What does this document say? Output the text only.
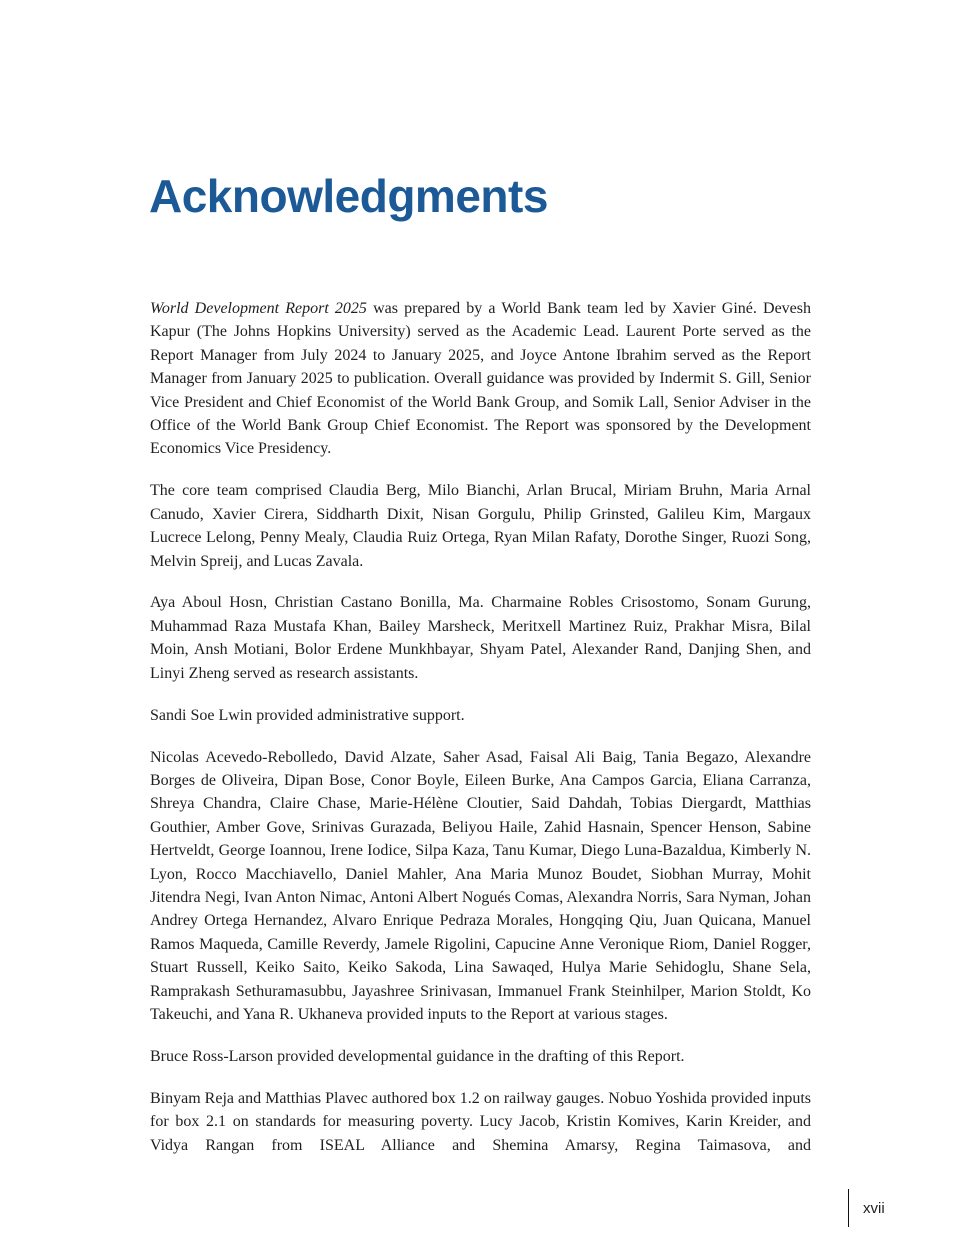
Acknowledgments

World Development Report 2025 was prepared by a World Bank team led by Xavier Giné. Devesh Kapur (The Johns Hopkins University) served as the Academic Lead. Laurent Porte served as the Report Manager from July 2024 to January 2025, and Joyce Antone Ibrahim served as the Report Manager from January 2025 to publication. Overall guidance was provided by Indermit S. Gill, Senior Vice President and Chief Economist of the World Bank Group, and Somik Lall, Senior Adviser in the Office of the World Bank Group Chief Economist. The Report was sponsored by the Development Economics Vice Presidency.

The core team comprised Claudia Berg, Milo Bianchi, Arlan Brucal, Miriam Bruhn, Maria Arnal Canudo, Xavier Cirera, Siddharth Dixit, Nisan Gorgulu, Philip Grinsted, Galileu Kim, Margaux Lucrece Lelong, Penny Mealy, Claudia Ruiz Ortega, Ryan Milan Rafaty, Dorothe Singer, Ruozi Song, Melvin Spreij, and Lucas Zavala.

Aya Aboul Hosn, Christian Castano Bonilla, Ma. Charmaine Robles Crisostomo, Sonam Gurung, Muhammad Raza Mustafa Khan, Bailey Marsheck, Meritxell Martinez Ruiz, Prakhar Misra, Bilal Moin, Ansh Motiani, Bolor Erdene Munkhbayar, Shyam Patel, Alexander Rand, Danjing Shen, and Linyi Zheng served as research assistants.

Sandi Soe Lwin provided administrative support.

Nicolas Acevedo-Rebolledo, David Alzate, Saher Asad, Faisal Ali Baig, Tania Begazo, Alexandre Borges de Oliveira, Dipan Bose, Conor Boyle, Eileen Burke, Ana Campos Garcia, Eliana Carranza, Shreya Chandra, Claire Chase, Marie-Hélène Cloutier, Said Dahdah, Tobias Diergardt, Matthias Gouthier, Amber Gove, Srinivas Gurazada, Beliyou Haile, Zahid Hasnain, Spencer Henson, Sabine Hertveldt, George Ioannou, Irene Iodice, Silpa Kaza, Tanu Kumar, Diego Luna-Bazaldua, Kimberly N. Lyon, Rocco Macchiavello, Daniel Mahler, Ana Maria Munoz Boudet, Siobhan Murray, Mohit Jitendra Negi, Ivan Anton Nimac, Antoni Albert Nogués Comas, Alexandra Norris, Sara Nyman, Johan Andrey Ortega Hernandez, Alvaro Enrique Pedraza Morales, Hongqing Qiu, Juan Quicana, Manuel Ramos Maqueda, Camille Reverdy, Jamele Rigolini, Capucine Anne Veronique Riom, Daniel Rogger, Stuart Russell, Keiko Saito, Keiko Sakoda, Lina Sawaqed, Hulya Marie Sehidoglu, Shane Sela, Ramprakash Sethuramasubbu, Jayashree Srinivasan, Immanuel Frank Steinhilper, Marion Stoldt, Ko Takeuchi, and Yana R. Ukhaneva provided inputs to the Report at various stages.

Bruce Ross-Larson provided developmental guidance in the drafting of this Report.

Binyam Reja and Matthias Plavec authored box 1.2 on railway gauges. Nobuo Yoshida provided inputs for box 2.1 on standards for measuring poverty. Lucy Jacob, Kristin Komives, Karin Kreider, and Vidya Rangan from ISEAL Alliance and Shemina Amarsy, Regina Taimasova, and

xvii
